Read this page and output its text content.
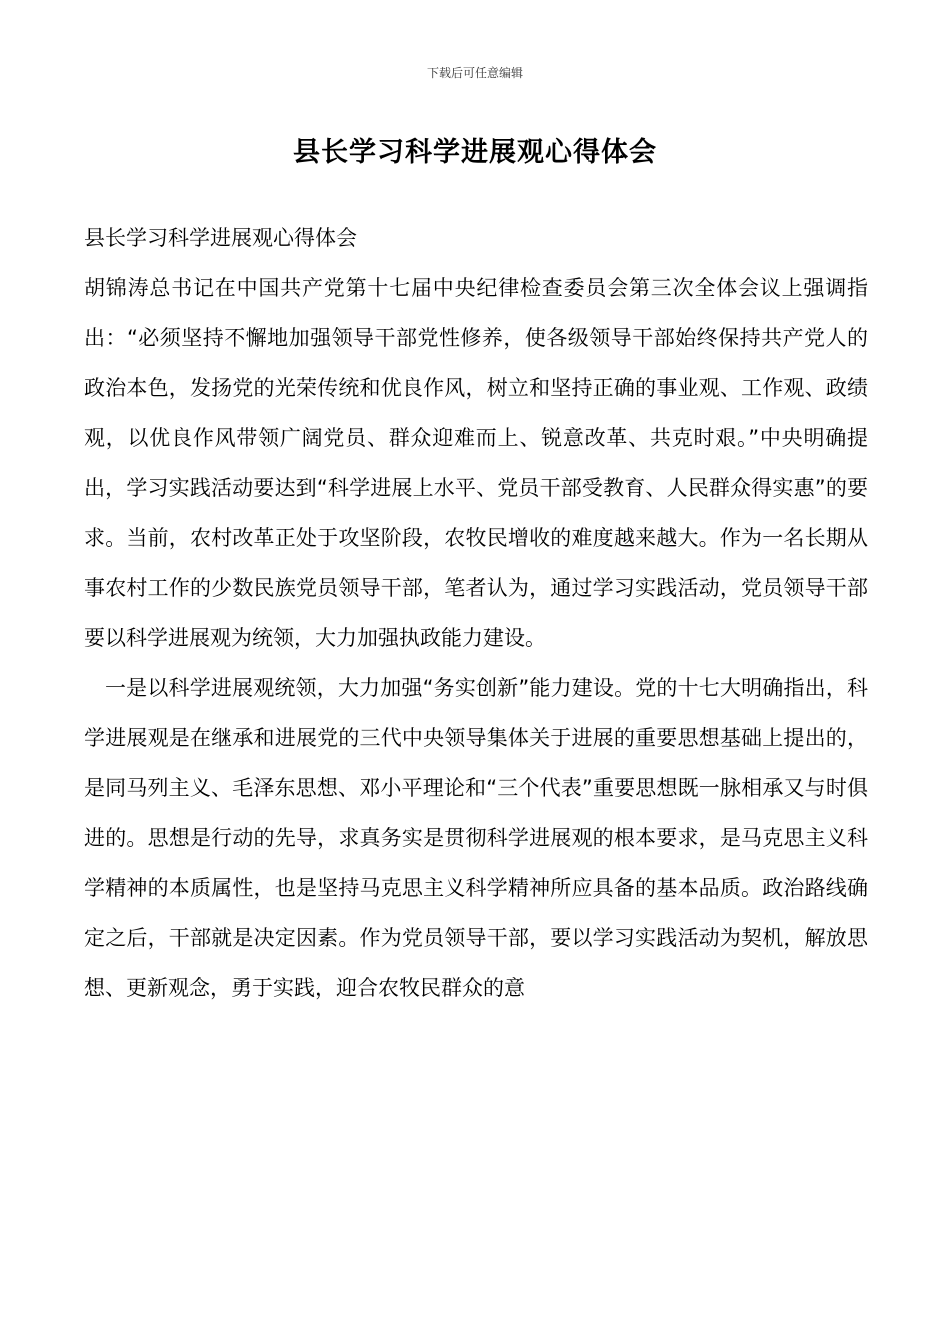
下载后可任意编辑
县长学习科学进展观心得体会

县长学习科学进展观心得体会

胡锦涛总书记在中国共产党第十七届中央纪律检查委员会第三次全体会议上强调指出：“必须坚持不懈地加强领导干部党性修养，使各级领导干部始终保持共产党人的政治本色，发扬党的光荣传统和优良作风，树立和坚持正确的事业观、工作观、政绩观，以优良作风带领广阔党员、群众迎难而上、锐意改革、共克时艰。”中央明确提出，学习实践活动要达到“科学进展上水平、党员干部受教育、人民群众得实惠”的要求。当前，农村改革正处于攻坚阶段，农牧民增收的难度越来越大。作为一名长期从事农村工作的少数民族党员领导干部，笔者认为，通过学习实践活动，党员领导干部要以科学进展观为统领，大力加强执政能力建设。

一是以科学进展观统领，大力加强“务实创新”能力建设。党的十七大明确指出，科学进展观是在继承和进展党的三代中央领导集体关于进展的重要思想基础上提出的，是同马列主义、毛泽东思想、邓小平理论和“三个代表”重要思想既一脉相承又与时俱进的。思想是行动的先导，求真务实是贯彻科学进展观的根本要求，是马克思主义科学精神的本质属性，也是坚持马克思主义科学精神所应具备的基本品质。政治路线确定之后，干部就是决定因素。作为党员领导干部，要以学习实践活动为契机，解放思想、更新观念，勇于实践，迎合农牧民群众的意
